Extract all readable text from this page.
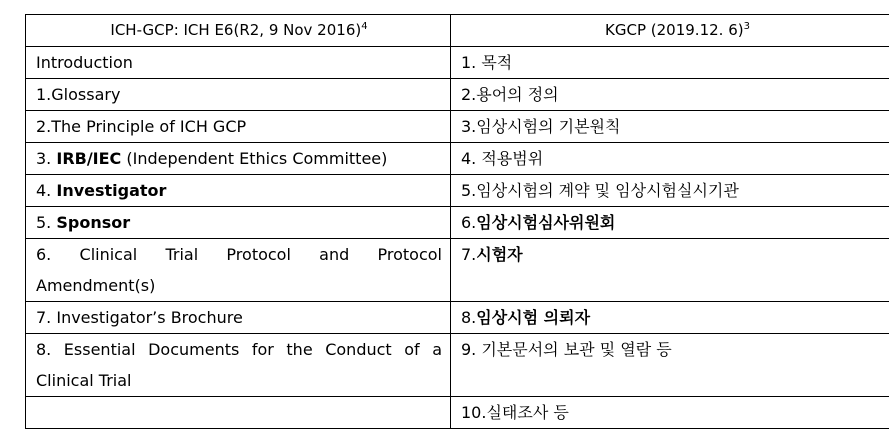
ICH-GCP: ICH E6(R2, 9 Nov 2016)$^4$	KGCP (2019.12. 6)$^3$
Introduction	1. 목적
1.Glossary	2.용어의 정의
2.The Principle of ICH GCP	3.임상시험의 기본원칙
3. IRB/IEC (Independent Ethics Committee)	4. 적용범위
4. Investigator	5.임상시험의 계약 및 임상시험실시기관
5. Sponsor	6.임상시험심사위원회
6. Clinical Trial Protocol and Protocol Amendment(s)	7.시험자
7. Investigator’s Brochure	8.임상시험 의뢰자
8. Essential Documents for the Conduct of a Clinical Trial	9. 기본문서의 보관 및 열람 등
	10.실태조사 등
